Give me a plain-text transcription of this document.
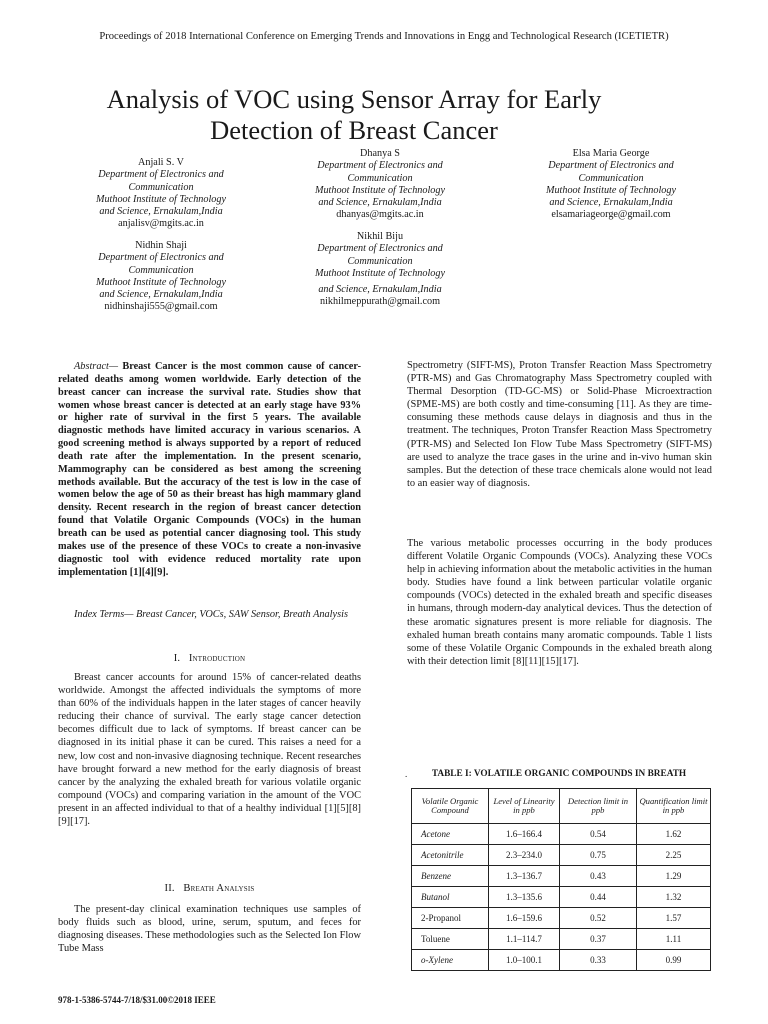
Proceedings of 2018 International Conference on Emerging Trends and Innovations in Engg and Technological Research (ICETIETR)
Analysis of VOC using Sensor Array for Early
Detection of Breast Cancer
Anjali S. V
Department of Electronics and
Communication
Muthoot Institute of Technology
and Science, Ernakulam,India
anjalisv@mgits.ac.in
Dhanya S
Department of Electronics and
Communication
Muthoot Institute of Technology
and Science, Ernakulam,India
dhanyas@mgits.ac.in
Elsa Maria George
Department of Electronics and
Communication
Muthoot Institute of Technology
and Science, Ernakulam,India
elsamariageorge@gmail.com
Nidhin Shaji
Department of Electronics and
Communication
Muthoot Institute of Technology
and Science, Ernakulam,India
nidhinshaji555@gmail.com
Nikhil Biju
Department of Electronics and
Communication
Muthoot Institute of Technology
and Science, Ernakulam,India
nikhilmeppurath@gmail.com
Abstract— Breast Cancer is the most common cause of cancer-related deaths among women worldwide. Early detection of the breast cancer can increase the survival rate. Studies show that women whose breast cancer is detected at an early stage have 93% or higher rate of survival in the first 5 years. The available diagnostic methods have limited accuracy in various scenarios. A good screening method is always supported by a report of reduced death rate after the implementation. In the present scenario, Mammography can be considered as best among the screening methods available. But the accuracy of the test is low in the case of women below the age of 50 as their breast has high mammary gland density. Recent research in the region of breast cancer detection found that Volatile Organic Compounds (VOCs) in the human breath can be used as potential cancer diagnosing tool. This study makes use of the presence of these VOCs to create a non-invasive diagnostic tool with evidence reduced mortality rate upon implementation [1][4][9].
Index Terms— Breast Cancer, VOCs, SAW Sensor, Breath Analysis
I. Introduction
Breast cancer accounts for around 15% of cancer-related deaths worldwide. Amongst the affected individuals the symptoms of more than 60% of the individuals happen in the later stages of cancer heavily reducing their chance of survival. The early stage cancer detection becomes difficult due to lack of symptoms. If breast cancer can be diagnosed in its initial phase it can be cured. This raises a need for a new, low cost and non-invasive diagnosing technique. Recent researches have brought forward a new method for the early diagnosis of breast cancer by the analyzing the exhaled breath for various volatile organic compound (VOCs) and comparing variation in the amount of the VOC present in an affected individual to that of a healthy individual [1][5][8][9][17].
II. Breath Analysis
The present-day clinical examination techniques use samples of body fluids such as blood, urine, serum, sputum, and feces for diagnosing diseases. These methodologies such as the Selected Ion Flow Tube Mass
Spectrometry (SIFT-MS), Proton Transfer Reaction Mass Spectrometry (PTR-MS) and Gas Chromatography Mass Spectrometry coupled with Thermal Desorption (TD-GC-MS) or Solid-Phase Microextraction (SPME-MS) are both costly and time-consuming [11]. As they are time-consuming these methods cause delays in diagnosis and thus in the treatment. The techniques, Proton Transfer Reaction Mass Spectrometry (PTR-MS) and Selected Ion Flow Tube Mass Spectrometry (SIFT-MS) are used to analyze the trace gases in the urine and in-vivo human skin samples. But the detection of these trace chemicals alone would not lead to an easier way of diagnosis.
The various metabolic processes occurring in the body produces different Volatile Organic Compounds (VOCs). Analyzing these VOCs help in achieving information about the metabolic activities in the human body. Studies have found a link between particular volatile organic compounds (VOCs) detected in the exhaled breath and specific diseases in humans, through modern-day analytical devices. Thus the detection of these aromatic signatures present is more reliable for diagnosis. The exhaled human breath contains many aromatic compounds. Table 1 lists some of these Volatile Organic Compounds in the exhaled breath along with their detection limit [8][11][15][17].
.	TABLE I: VOLATILE ORGANIC COMPOUNDS IN BREATH
Volatile Organic Compound	Level of Linearity in ppb	Detection limit in ppb	Quantification limit in ppb
Acetone	1.6–166.4	0.54	1.62
Acetonitrile	2.3–234.0	0.75	2.25
Benzene	1.3–136.7	0.43	1.29
Butanol	1.3–135.6	0.44	1.32
2-Propanol	1.6–159.6	0.52	1.57
Toluene	1.1–114.7	0.37	1.11
o-Xylene	1.0–100.1	0.33	0.99
978-1-5386-5744-7/18/$31.00©2018 IEEE
